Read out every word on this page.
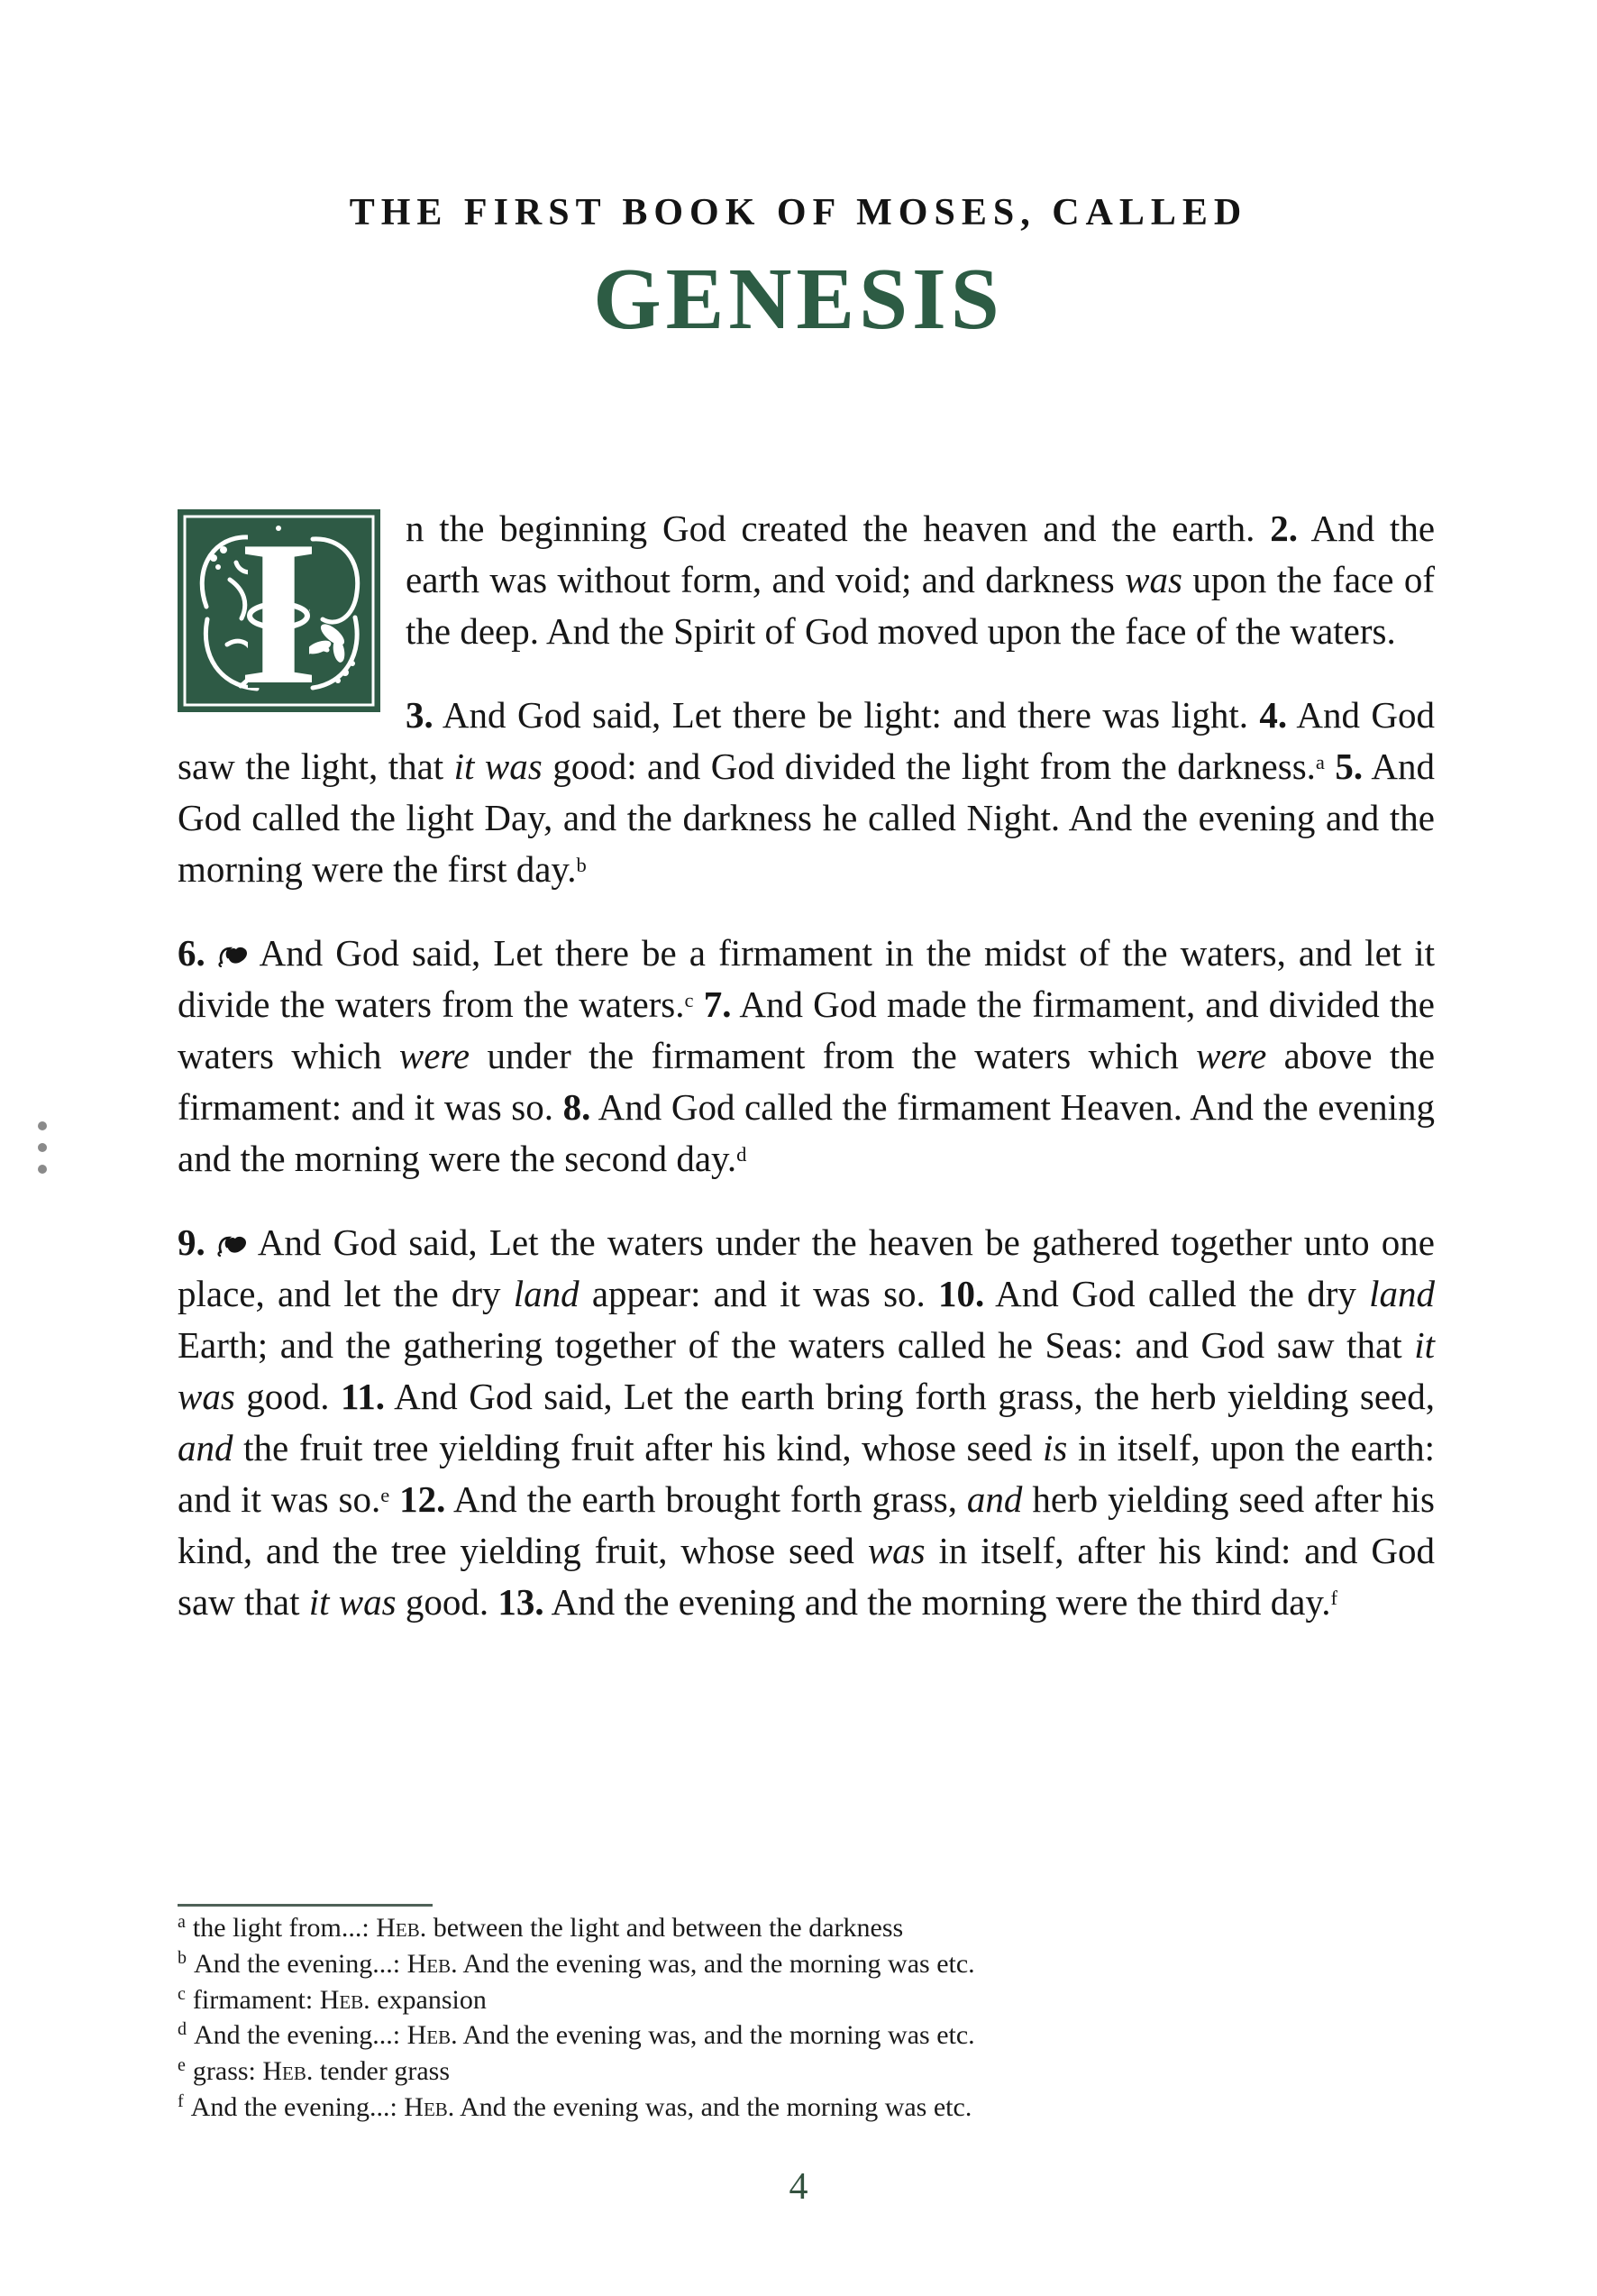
THE FIRST BOOK OF MOSES, CALLED
GENESIS

I n the beginning God created the heaven and the earth. 2. And the earth was without form, and void; and darkness was upon the face of the deep. And the Spirit of God moved upon the face of the waters.

3. And God said, Let there be light: and there was light. 4. And God saw the light, that it was good: and God divided the light from the darkness.$^a$ 5. And God called the light Day, and the darkness he called Night. And the evening and the morning were the first day.$^b$

6.  And God said, Let there be a firmament in the midst of the waters, and let it divide the waters from the waters.$^c$ 7. And God made the firmament, and divided the waters which were under the firmament from the waters which were above the firmament: and it was so. 8. And God called the firmament Heaven. And the evening and the morning were the second day.$^d$

9.  And God said, Let the waters under the heaven be gathered together unto one place, and let the dry land appear: and it was so. 10. And God called the dry land Earth; and the gathering together of the waters called he Seas: and God saw that it was good. 11. And God said, Let the earth bring forth grass, the herb yielding seed, and the fruit tree yielding fruit after his kind, whose seed is in itself, upon the earth: and it was so.$^e$ 12. And the earth brought forth grass, and herb yielding seed after his kind, and the tree yielding fruit, whose seed was in itself, after his kind: and God saw that it was good. 13. And the evening and the morning were the third day.$^f$

$^a$ the light from...: Heb. between the light and between the darkness
$^b$ And the evening...: Heb. And the evening was, and the morning was etc.
$^c$ firmament: Heb. expansion
$^d$ And the evening...: Heb. And the evening was, and the morning was etc.
$^e$ grass: Heb. tender grass
$^f$ And the evening...: Heb. And the evening was, and the morning was etc.
4
